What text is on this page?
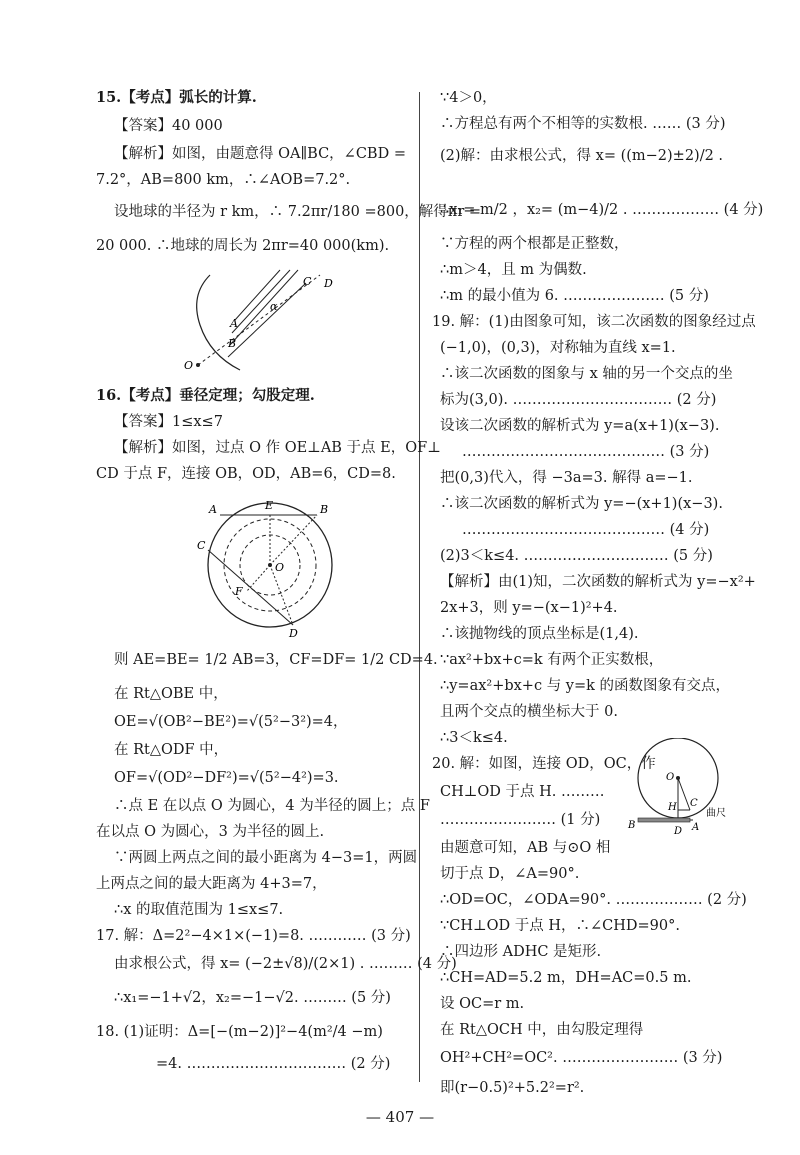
15.【考点】弧长的计算.
【答案】40 000
【解析】如图，由题意得 OA∥BC，∠CBD =
7.2°，AB=800 km，∴∠AOB=7.2°.
设地球的半径为 r km，∴ 7.2πr/180 =800，解得πr =
20 000. ∴地球的周长为 2πr=40 000(km).
16.【考点】垂径定理；勾股定理.
【答案】1≤x≤7
【解析】如图，过点 O 作 OE⊥AB 于点 E，OF⊥
CD 于点 F，连接 OB，OD，AB=6，CD=8.
则 AE=BE= 1/2 AB=3，CF=DF= 1/2 CD=4.
在 Rt△OBE 中，
OE=√(OB²−BE²)=√(5²−3²)=4，
在 Rt△ODF 中，
OF=√(OD²−DF²)=√(5²−4²)=3.
∴点 E 在以点 O 为圆心，4 为半径的圆上；点 F
在以点 O 为圆心，3 为半径的圆上.
∵两圆上两点之间的最小距离为 4−3=1，两圆
上两点之间的最大距离为 4+3=7，
∴x 的取值范围为 1≤x≤7.
17. 解：Δ=2²−4×1×(−1)=8. ………… (3 分)
由求根公式，得 x= (−2±√8)/(2×1) . ……… (4 分)
∴x₁=−1+√2，x₂=−1−√2. ……… (5 分)
18. (1)证明：Δ=[−(m−2)]²−4(m²/4 −m)
=4. …………………………… (2 分)
∵4＞0，
∴方程总有两个不相等的实数根. …… (3 分)
(2)解：由求根公式，得 x= ((m−2)±2)/2 .
∴x₁= m/2 ，x₂= (m−4)/2 . ……………… (4 分)
∵方程的两个根都是正整数，
∴m＞4，且 m 为偶数.
∴m 的最小值为 6. ………………… (5 分)
19. 解：(1)由图象可知，该二次函数的图象经过点
(−1,0)，(0,3)，对称轴为直线 x=1.
∴该二次函数的图象与 x 轴的另一个交点的坐
标为(3,0). …………………………… (2 分)
设该二次函数的解析式为 y=a(x+1)(x−3).
…………………………………… (3 分)
把(0,3)代入，得 −3a=3. 解得 a=−1.
∴该二次函数的解析式为 y=−(x+1)(x−3).
…………………………………… (4 分)
(2)3＜k≤4. ………………………… (5 分)
【解析】由(1)知，二次函数的解析式为 y=−x²+
2x+3，则 y=−(x−1)²+4.
∴该抛物线的顶点坐标是(1,4).
∵ax²+bx+c=k 有两个正实数根，
∴y=ax²+bx+c 与 y=k 的函数图象有交点，
且两个交点的横坐标大于 0.
∴3＜k≤4.
20. 解：如图，连接 OD，OC，作
CH⊥OD 于点 H. ………
…………………… (1 分)
由题意可知，AB 与⊙O 相
切于点 D，∠A=90°.
∴OD=OC，∠ODA=90°. ……………… (2 分)
∵CH⊥OD 于点 H，∴∠CHD=90°.
∴四边形 ADHC 是矩形.
∴CH=AD=5.2 m，DH=AC=0.5 m.
设 OC=r m.
在 Rt△OCH 中，由勾股定理得
OH²+CH²=OC². …………………… (3 分)
即(r−0.5)²+5.2²=r².
C D
A
B
α
O
A	E	B
C
O
F
D
O
H C
B
D A
曲尺
— 407 —
